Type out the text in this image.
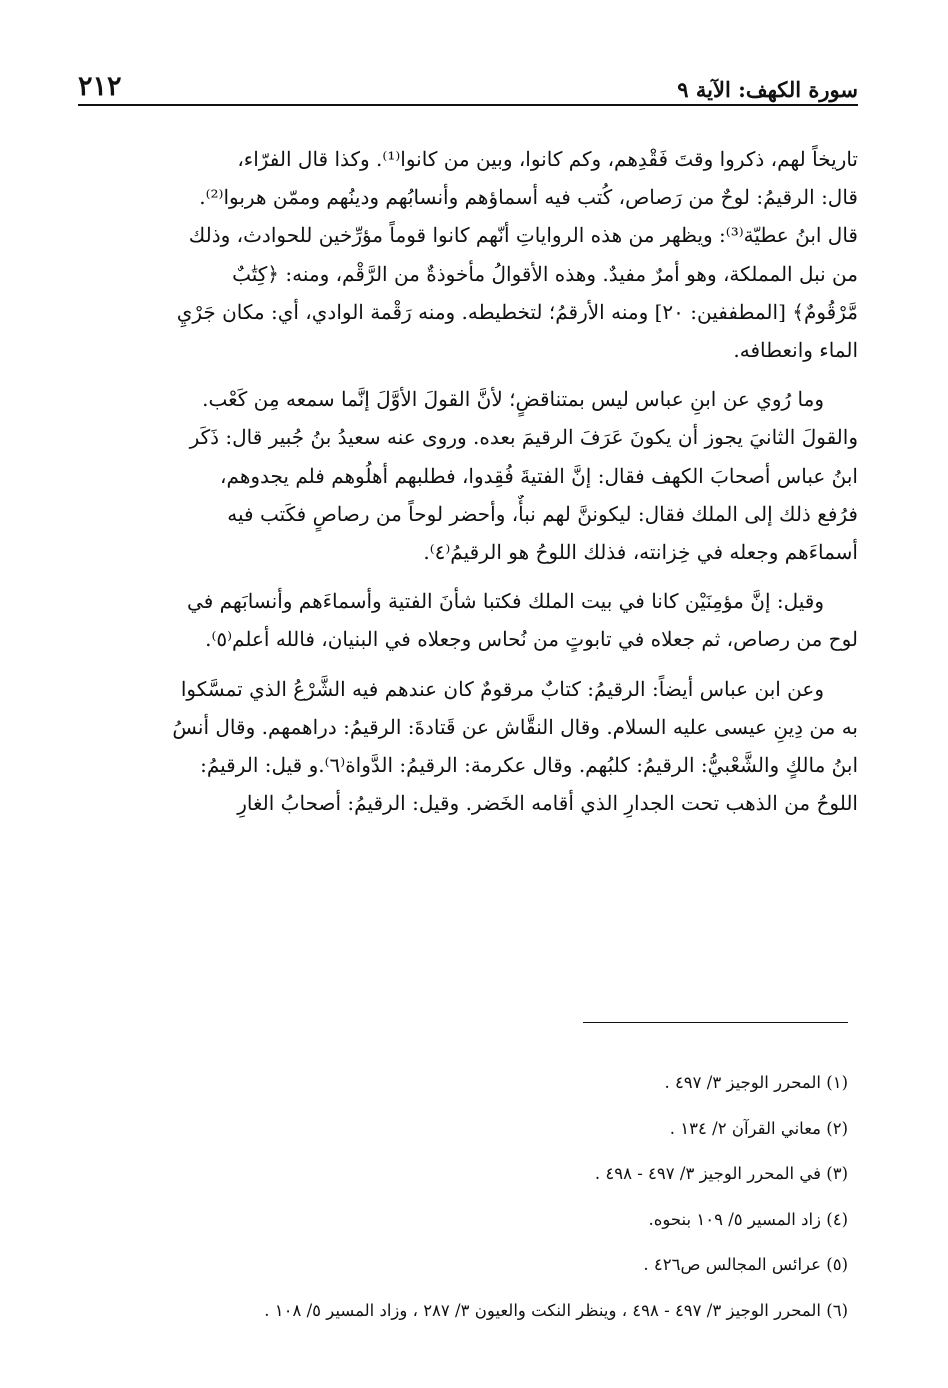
سورة الكهف: الآية ٩
٢١٢
تاريخاً لهم، ذكروا وقتَ فَقْدِهم، وكم كانوا، وبين من كانوا⁽¹⁾. وكذا قال الفرّاء،
قال: الرقيمُ: لوحٌ من رَصاص، كُتب فيه أسماؤهم وأنسابُهم ودينُهم وممّن هربوا⁽²⁾.
قال ابنُ عطيّة⁽³⁾: ويظهر من هذه الرواياتِ أنّهم كانوا قوماً مؤرِّخين للحوادث، وذلك
من نبل المملكة، وهو أمرٌ مفيدٌ. وهذه الأقوالُ مأخوذةٌ من الرَّقْم، ومنه: ﴿كِتَٰبٌ
مَّرْقُومٌ﴾ [المطففين: ٢٠] ومنه الأرقمُ؛ لتخطيطه. ومنه رَقْمة الوادي، أي: مكان جَرْيِ
الماء وانعطافه.
وما رُوي عن ابنِ عباس ليس بمتناقضٍ؛ لأنَّ القولَ الأوَّلَ إنَّما سمعه مِن كَعْب.
والقولَ الثانيَ يجوز أن يكونَ عَرَفَ الرقيمَ بعده. وروى عنه سعيدُ بنُ جُبير قال: ذَكَر
ابنُ عباس أصحابَ الكهف فقال: إنَّ الفتيةَ فُقِدوا، فطلبهم أهلُوهم فلم يجدوهم،
فرُفع ذلك إلى الملك فقال: ليكوننَّ لهم نبأٌ، وأحضر لوحاً من رصاصٍ فكَتب فيه
أسماءَهم وجعله في خِزانته، فذلك اللوحُ هو الرقيمُ⁽٤⁾.
وقيل: إنَّ مؤمِنَيْن كانا في بيت الملك فكتبا شأنَ الفتية وأسماءَهم وأنسابَهم في
لوح من رصاص، ثم جعلاه في تابوتٍ من نُحاس وجعلاه في البنيان، فالله أعلم⁽٥⁾.
وعن ابن عباس أيضاً: الرقيمُ: كتابٌ مرقومٌ كان عندهم فيه الشَّرْعُ الذي تمسَّكوا
به من دِينِ عيسى عليه السلام. وقال النقَّاش عن قَتادةَ: الرقيمُ: دراهمهم. وقال أنسُ
ابنُ مالكٍ والشَّعْبيُّ: الرقيمُ: كلبُهم. وقال عكرمة: الرقيمُ: الدَّواة⁽٦⁾.و قيل: الرقيمُ:
اللوحُ من الذهب تحت الجدارِ الذي أقامه الخَضر. وقيل: الرقيمُ: أصحابُ الغارِ
(١) المحرر الوجيز ٣/ ٤٩٧ .
(٢) معاني القرآن ٢/ ١٣٤ .
(٣) في المحرر الوجيز ٣/ ٤٩٧ - ٤٩٨ .
(٤) زاد المسير ٥/ ١٠٩ بنحوه.
(٥) عرائس المجالس ص٤٢٦ .
(٦) المحرر الوجيز ٣/ ٤٩٧ - ٤٩٨ ، وينظر النكت والعيون ٣/ ٢٨٧ ، وزاد المسير ٥/ ١٠٨ .
